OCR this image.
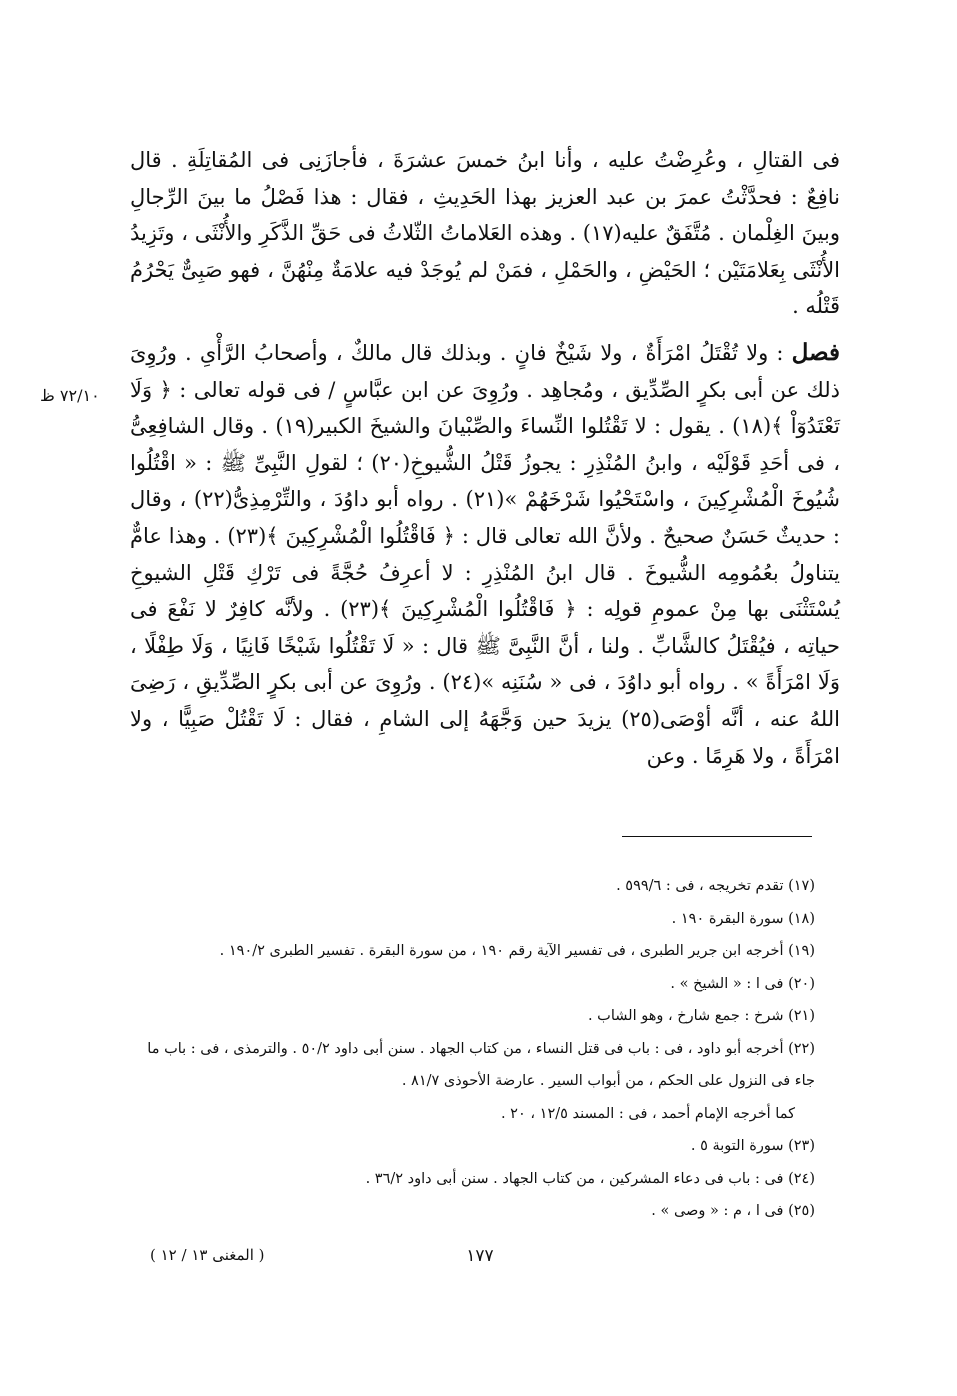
فى القتالِ ، وعُرِضْتُ عليه ، وأنا ابنُ خمسَ عشرَةَ ، فأجازَنِى فى المُقاتِلَةِ . قال نافِعٌ : فحدَّثْتُ عمرَ بن عبد العزيز بهذا الحَدِيثِ ، فقال : هذا فَصْلُ ما بينَ الرِّجالِ وبينَ الغِلْمان . مُتَّفَقٌ عليه(١٧) . وهذه العَلاماتُ الثّلاثُ فى حَقِّ الذَّكَرِ والأُنْثَى ، وتَزِيدُ الأُنْثَى بِعَلامَتَيْن ؛ الحَيْضِ ، والحَمْلِ ، فمَنْ لم يُوجَدْ فيه علامَةٌ مِنْهُنَّ ، فهو صَبِىٌّ يَحْرُمُ قَتْلُه .

فصل : ولا تُقْتَلُ امْرَأَةٌ ، ولا شَيْخٌ فانٍ . وبذلك قال مالكٌ ، وأصحابُ الرَّأْىِ . ورُوِىَ ذلك عن أبى بكرٍ الصِّدِّيق ، ومُجاهِد . ورُوِىَ عن ابن عبَّاسٍ / فى قوله تعالى : ﴿ وَلَا تَعْتَدُوٓاْ ﴾(١٨) . يقول : لا تَقْتُلوا النِّساءَ والصِّبْيانَ والشيخَ الكبير(١٩) . وقال الشافِعِىُّ ، فى أحَدِ قَوْلَيْه ، وابنُ المُنْذِرِ : يجوزُ قَتْلُ الشُّيوخِ(٢٠) ؛ لقولِ النَّبِىِّ ﷺ : « اقْتُلُوا شُيُوخَ الْمُشْرِكِينَ ، واسْتَحْيُوا شَرْخَهُمْ »(٢١) . رواه أبو داوُدَ ، والتِّرْمِذِىُّ(٢٢) ، وقال : حديثٌ حَسَنٌ صحيحٌ . ولأنَّ الله تعالى قال : ﴿ فَاقْتُلُوا الْمُشْرِكِينَ ﴾(٢٣) . وهذا عامٌّ يتناولُ بعُمُومِه الشُّيوخَ . قال ابنُ المُنْذِرِ : لا أعرِفُ حُجَّةً فى تَرْكِ قَتْلِ الشيوخِ يُسْتَثْنَى بها مِنْ عمومِ قولِه : ﴿ فَاقْتُلُوا الْمُشْرِكِينَ ﴾(٢٣) . ولأنَّه كافِرٌ لا نَفْعَ فى حياتِه ، فيُقْتَلُ كالشَّابِّ . ولنا ، أنَّ النَّبِىَّ ﷺ قال : « لَا تَقْتُلُوا شَيْخًا فَانِيًا ، وَلَا طِفْلًا ، وَلَا امْرَأَةً » . رواه أبو داوُدَ ، فى « سُنَنِه »(٢٤) . ورُوِىَ عن أبى بكرٍ الصِّدِّيقِ ، رَضِىَ اللهُ عنه ، أنَّه أوْصَى(٢٥) يزيدَ حين وَجَّهَهُ إلى الشامِ ، فقال : لَا تَقْتُلْ صَبِيًّا ، ولا امْرَأَةً ، ولا هَرِمًا . وعن

٧٢/١٠ ظ

(١٧) تقدم تخريجه ، فى : ٥٩٩/٦ .

(١٨) سورة البقرة ١٩٠ .

(١٩) أخرجه ابن جرير الطبرى ، فى تفسير الآية رقم ١٩٠ ، من سورة البقرة . تفسير الطبرى ١٩٠/٢ .

(٢٠) فى ا : « الشيخ » .

(٢١) شرخ : جمع شارخ ، وهو الشاب .

(٢٢) أخرجه أبو داود ، فى : باب فى قتل النساء ، من كتاب الجهاد . سنن أبى داود ٥٠/٢ . والترمذى ، فى : باب ما جاء فى النزول على الحكم ، من أبواب السير . عارضة الأحوذى ٨١/٧ .

كما أخرجه الإمام أحمد ، فى : المسند ١٢/٥ ، ٢٠ .

(٢٣) سورة التوبة ٥ .

(٢٤) فى : باب فى دعاء المشركين ، من كتاب الجهاد . سنن أبى داود ٣٦/٢ .

(٢٥) فى ا ، م : « وصى » .

١٧٧
( المغنى ١٣ / ١٢ )
